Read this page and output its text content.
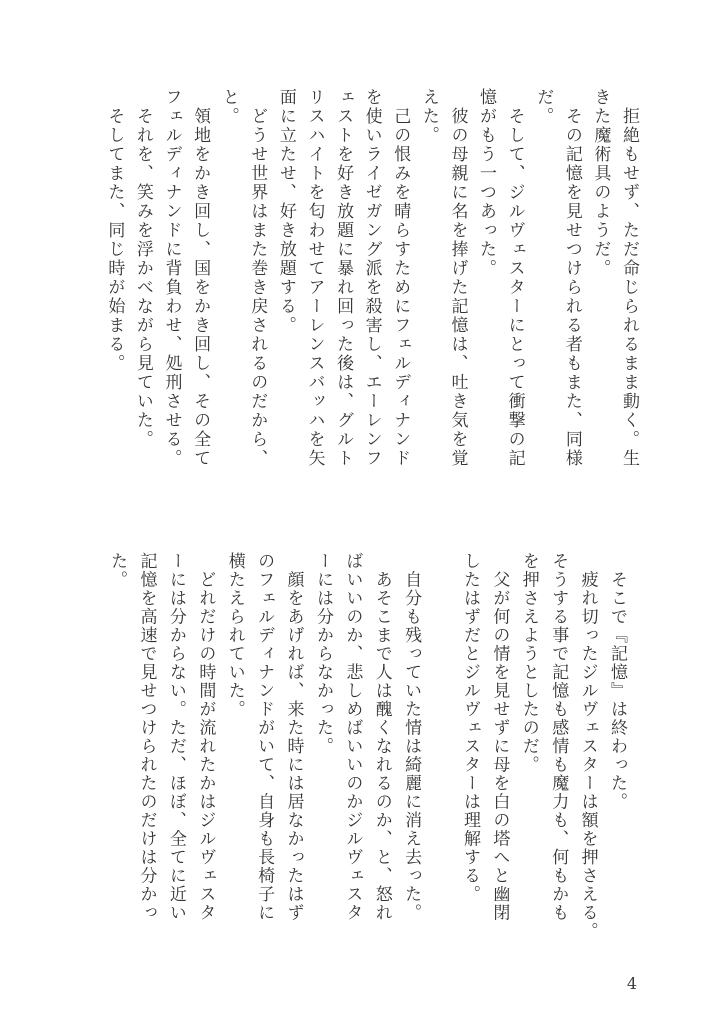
　拒絶もせず、ただ命じられるまま動く。生

きた魔術具のようだ。

　その記憶を見せつけられる者もまた、同様

だ。

　そして、ジルヴェスターにとって衝撃の記

憶がもう一つあった。

　彼の母親に名を捧げた記憶は、吐き気を覚

えた。

　己の恨みを晴らすためにフェルディナンド

を使いライゼガング派を殺害し、エーレンフ

ェストを好き放題に暴れ回った後は、グルト

リスハイトを匂わせてアーレンスバッハを矢

面に立たせ、好き放題する。

　どうせ世界はまた巻き戻されるのだから、

と。

　領地をかき回し、国をかき回し、その全て

フェルディナンドに背負わせ、処刑させる。

　それを、笑みを浮かべながら見ていた。

　そしてまた、同じ時が始まる。

　そこで『記憶』は終わった。

　疲れ切ったジルヴェスターは額を押さえる。

そうする事で記憶も感情も魔力も、何もかも

を押さえようとしたのだ。

　父が何の情を見せずに母を白の塔へと幽閉

したはずだとジルヴェスターは理解する。

　自分も残っていた情は綺麗に消え去った。

　あそこまで人は醜くなれるのか、と、怒れ

ばいいのか、悲しめばいいのかジルヴェスタ

ーには分からなかった。

　顔をあげれば、来た時には居なかったはず

のフェルディナンドがいて、自身も長椅子に

横たえられていた。

　どれだけの時間が流れたかはジルヴェスタ

ーには分からない。ただ、ほぼ、全てに近い

記憶を高速で見せつけられたのだけは分かっ

た。

4
